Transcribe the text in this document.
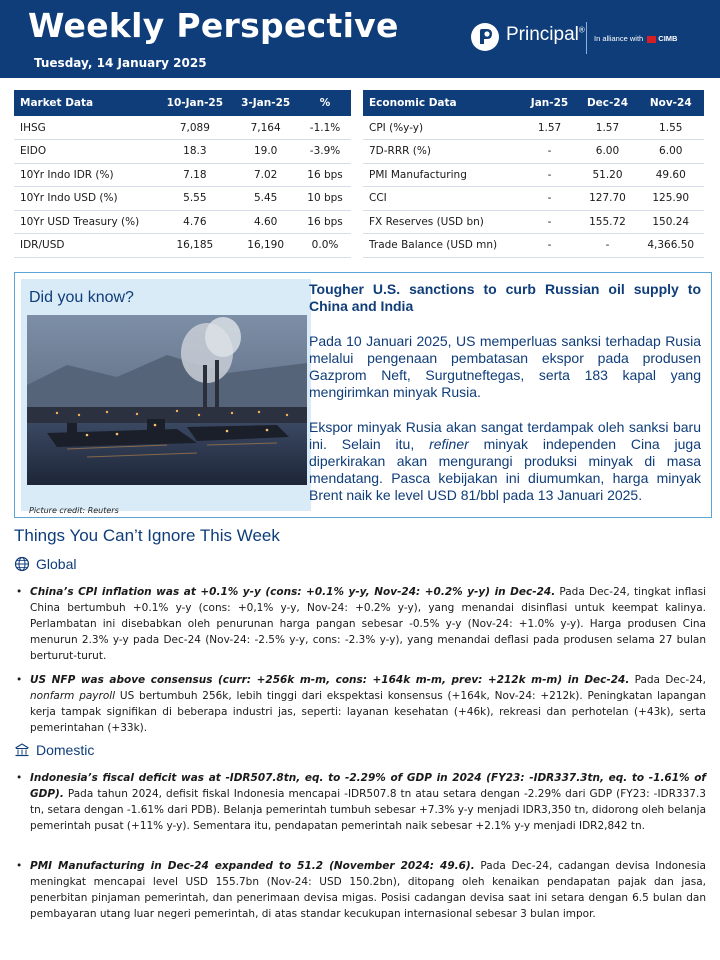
Weekly Perspective
Tuesday, 14 January 2025
Principal®
In alliance with CIMB
Market Data	10-Jan-25	3-Jan-25	%
IHSG	7,089	7,164	-1.1%
EIDO	18.3	19.0	-3.9%
10Yr Indo IDR (%)	7.18	7.02	16 bps
10Yr Indo USD (%)	5.55	5.45	10 bps
10Yr USD Treasury (%)	4.76	4.60	16 bps
IDR/USD	16,185	16,190	0.0%
Economic Data	Jan-25	Dec-24	Nov-24
CPI (%y-y)	1.57	1.57	1.55
7D-RRR (%)	-	6.00	6.00
PMI Manufacturing	-	51.20	49.60
CCI	-	127.70	125.90
FX Reserves (USD bn)	-	155.72	150.24
Trade Balance (USD mn)	-	-	4,366.50
Did you know?
Picture credit: Reuters
Tougher U.S. sanctions to curb Russian oil supply to China and India
Pada 10 Januari 2025, US memperluas sanksi terhadap Rusia melalui pengenaan pembatasan ekspor pada produsen Gazprom Neft, Surgutneftegas, serta 183 kapal yang mengirimkan minyak Rusia.
Ekspor minyak Rusia akan sangat terdampak oleh sanksi baru ini. Selain itu, refiner minyak independen Cina juga diperkirakan akan mengurangi produksi minyak di masa mendatang. Pasca kebijakan ini diumumkan, harga minyak Brent naik ke level USD 81/bbl pada 13 Januari 2025.
Things You Can’t Ignore This Week
Global
• China’s CPI inflation was at +0.1% y-y (cons: +0.1% y-y, Nov-24: +0.2% y-y) in Dec-24. Pada Dec-24, tingkat inflasi China bertumbuh +0.1% y-y (cons: +0,1% y-y, Nov-24: +0.2% y-y), yang menandai disinflasi untuk keempat kalinya. Perlambatan ini disebabkan oleh penurunan harga pangan sebesar -0.5% y-y (Nov-24: +1.0% y-y). Harga produsen Cina menurun 2.3% y-y pada Dec-24 (Nov-24: -2.5% y-y, cons: -2.3% y-y), yang menandai deflasi pada produsen selama 27 bulan berturut-turut.
• US NFP was above consensus (curr: +256k m-m, cons: +164k m-m, prev: +212k m-m) in Dec-24. Pada Dec-24, nonfarm payroll US bertumbuh 256k, lebih tinggi dari ekspektasi konsensus (+164k, Nov-24: +212k). Peningkatan lapangan kerja tampak signifikan di beberapa industri jas, seperti: layanan kesehatan (+46k), rekreasi dan perhotelan (+43k), serta pemerintahan (+33k).
Domestic
• Indonesia’s fiscal deficit was at -IDR507.8tn, eq. to -2.29% of GDP in 2024 (FY23: -IDR337.3tn, eq. to -1.61% of GDP). Pada tahun 2024, defisit fiskal Indonesia mencapai -IDR507.8 tn atau setara dengan -2.29% dari GDP (FY23: -IDR337.3 tn, setara dengan -1.61% dari PDB). Belanja pemerintah tumbuh sebesar +7.3% y-y menjadi IDR3,350 tn, didorong oleh belanja pemerintah pusat (+11% y-y). Sementara itu, pendapatan pemerintah naik sebesar +2.1% y-y menjadi IDR2,842 tn.
• PMI Manufacturing in Dec-24 expanded to 51.2 (November 2024: 49.6). Pada Dec-24, cadangan devisa Indonesia meningkat mencapai level USD 155.7bn (Nov-24: USD 150.2bn), ditopang oleh kenaikan pendapatan pajak dan jasa, penerbitan pinjaman pemerintah, dan penerimaan devisa migas. Posisi cadangan devisa saat ini setara dengan 6.5 bulan dan pembayaran utang luar negeri pemerintah, di atas standar kecukupan internasional sebesar 3 bulan impor.
